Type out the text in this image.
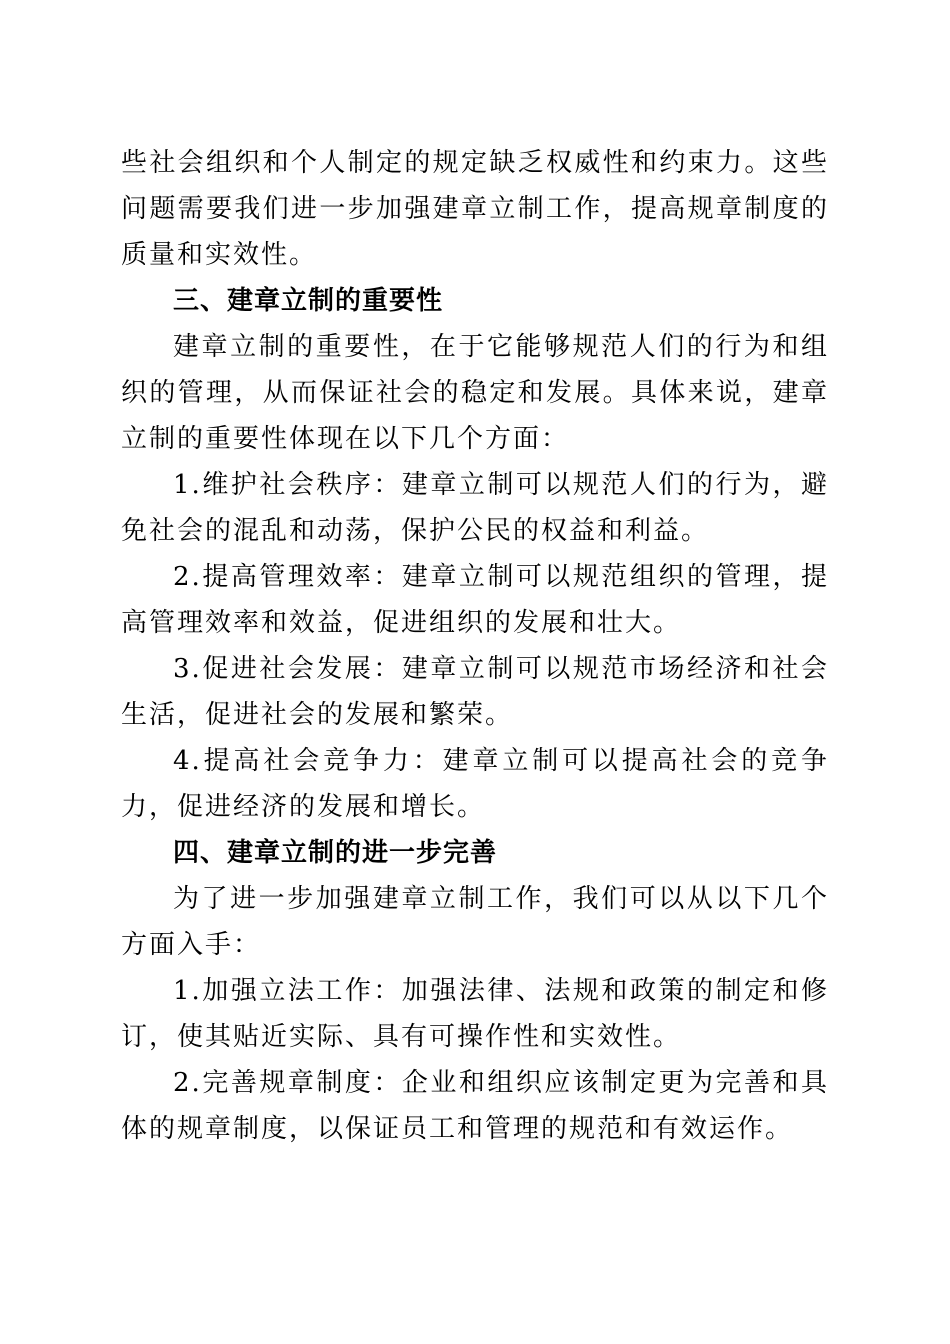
些社会组织和个人制定的规定缺乏权威性和约束力。这些问题需要我们进一步加强建章立制工作，提高规章制度的质量和实效性。

三、建章立制的重要性

建章立制的重要性，在于它能够规范人们的行为和组织的管理，从而保证社会的稳定和发展。具体来说，建章立制的重要性体现在以下几个方面：

1.维护社会秩序：建章立制可以规范人们的行为，避免社会的混乱和动荡，保护公民的权益和利益。

2.提高管理效率：建章立制可以规范组织的管理，提高管理效率和效益，促进组织的发展和壮大。

3.促进社会发展：建章立制可以规范市场经济和社会生活，促进社会的发展和繁荣。

4.提高社会竞争力：建章立制可以提高社会的竞争力，促进经济的发展和增长。

四、建章立制的进一步完善

为了进一步加强建章立制工作，我们可以从以下几个方面入手：

1.加强立法工作：加强法律、法规和政策的制定和修订，使其贴近实际、具有可操作性和实效性。

2.完善规章制度：企业和组织应该制定更为完善和具体的规章制度，以保证员工和管理的规范和有效运作。
